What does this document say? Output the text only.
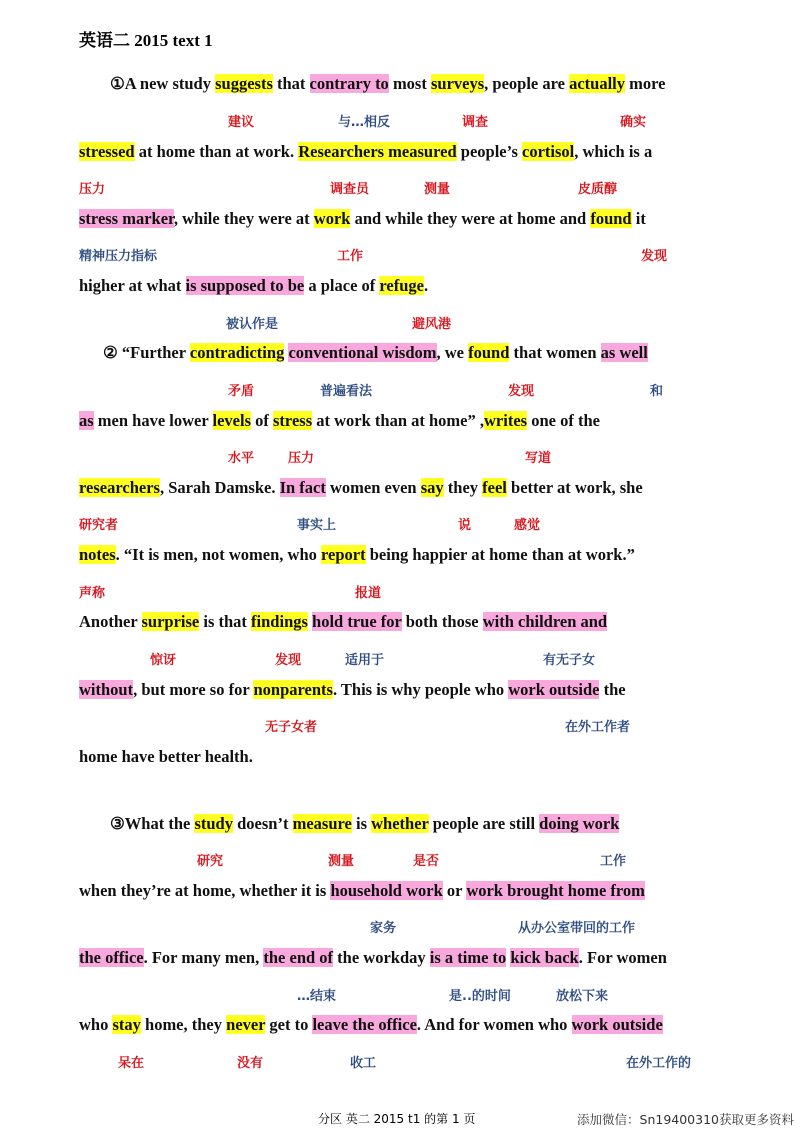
英语二 2015 text 1
①A new study suggests that contrary to most surveys, people are actually more
stressed at home than at work. Researchers measured people’s cortisol, which is a
stress marker, while they were at work and while they were at home and found it
higher at what is supposed to be a place of refuge.
② “Further contradicting conventional wisdom, we found that women as well
as men have lower levels of stress at work than at home” ,writes one of the
researchers, Sarah Damske. In fact women even say they feel better at work, she
notes. “It is men, not women, who report being happier at home than at work.”
Another surprise is that findings hold true for both those with children and
without, but more so for nonparents. This is why people who work outside the
home have better health.
③What the study doesn’t measure is whether people are still doing work
when they’re at home, whether it is household work or work brought home from
the office. For many men, the end of the workday is a time to kick back. For women
who stay home, they never get to leave the office. And for women who work outside
建议	与…相反	调查	确实
压力	调查员	测量	皮质醇
精神压力指标	工作	发现
被认作是	避风港
矛盾	普遍看法	发现	和
水平	压力	写道
研究者	事实上	说	感觉
声称	报道
惊讶	发现	适用于	有无子女
无子女者	在外工作者
研究	测量	是否	工作
家务	从办公室带回的工作
…结束	是..的时间	放松下来
呆在	没有	收工	在外工作的
分区 英二 2015 t1 的第 1 页	添加微信：Sn19400310获取更多资料
